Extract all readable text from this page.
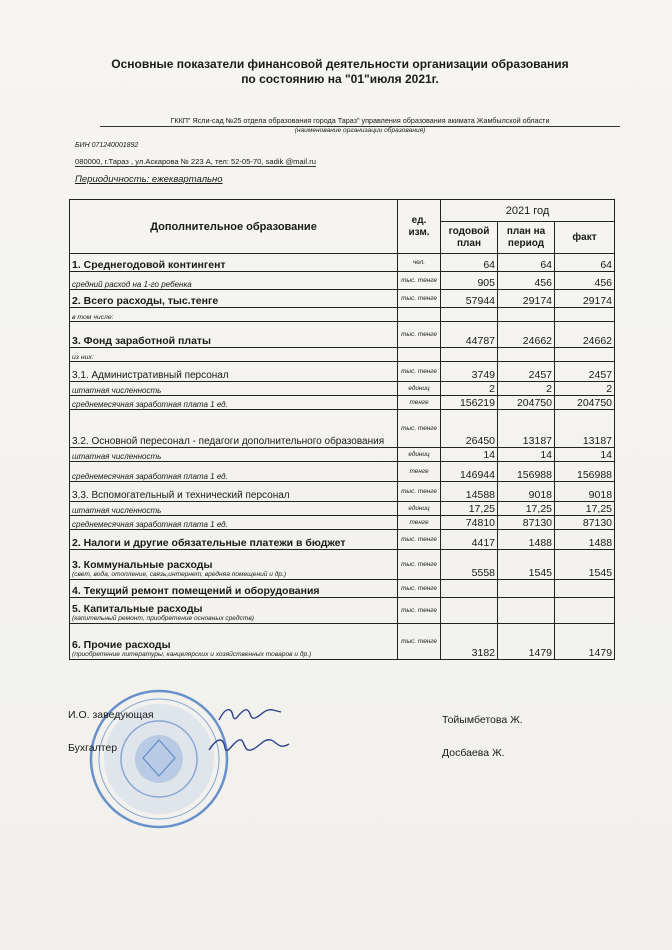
Основные показатели финансовой деятельности организации образования
по состоянию на "01"июля 2021г.
ГККП" Ясли-сад №25 отдела образования города Тараз" управления образования акимата Жамбылской области
(наименование организации образования)
БИН 071240001892
080000, г.Тараз , ул.Аскарова № 223 А, тел: 52-05-70, sadik @mail.ru
Периодичность: ежеквартально
Дополнительное образование	ед. изм.	2021 год		
		годовой план	план на период	факт
1. Среднегодовой контингент	чел.	64	64	64
средний расход на 1-го ребенка	тыс. тенге	905	456	456
2. Всего расходы, тыс.тенге	тыс. тенге	57944	29174	29174
в том числе:				
3. Фонд заработной платы	тыс. тенге	44787	24662	24662
из них:				
3.1. Административный персонал	тыс. тенге	3749	2457	2457
штатная численность	единиц	2	2	2
среднемесячная заработная плата 1 ед.	тенге	156219	204750	204750
3.2. Основной пересонал - педагоги дополнительного образования	тыс. тенге	26450	13187	13187
штатная численность	единиц	14	14	14
среднемесячная заработная плата 1 ед.	тенге	146944	156988	156988
3.3. Вспомогательный и технический персонал	тыс. тенге	14588	9018	9018
штатная численность	единиц	17,25	17,25	17,25
среднемесячная заработная плата 1 ед.	тенге	74810	87130	87130
2. Налоги и другие обязательные платежи в бюджет	тыс. тенге	4417	1488	1488
3. Коммунальные расходы
(свет, вода, отопление, связь,интернет, вредняа помещений и др.)	тыс. тенге	5558	1545	1545
4. Текущий ремонт помещений и оборудования	тыс. тенге			
5. Капитальные расходы
(капительный ремонт, приобретение основных средств)	тыс. тенге			
6. Прочие расходы
(приобретение литературы, канцелярских и хозяйственных товаров и др.)	тыс. тенге	3182	1479	1479
И.О. заведующая	Тойымбетова Ж.
Бухгалтер	Досбаева Ж.
